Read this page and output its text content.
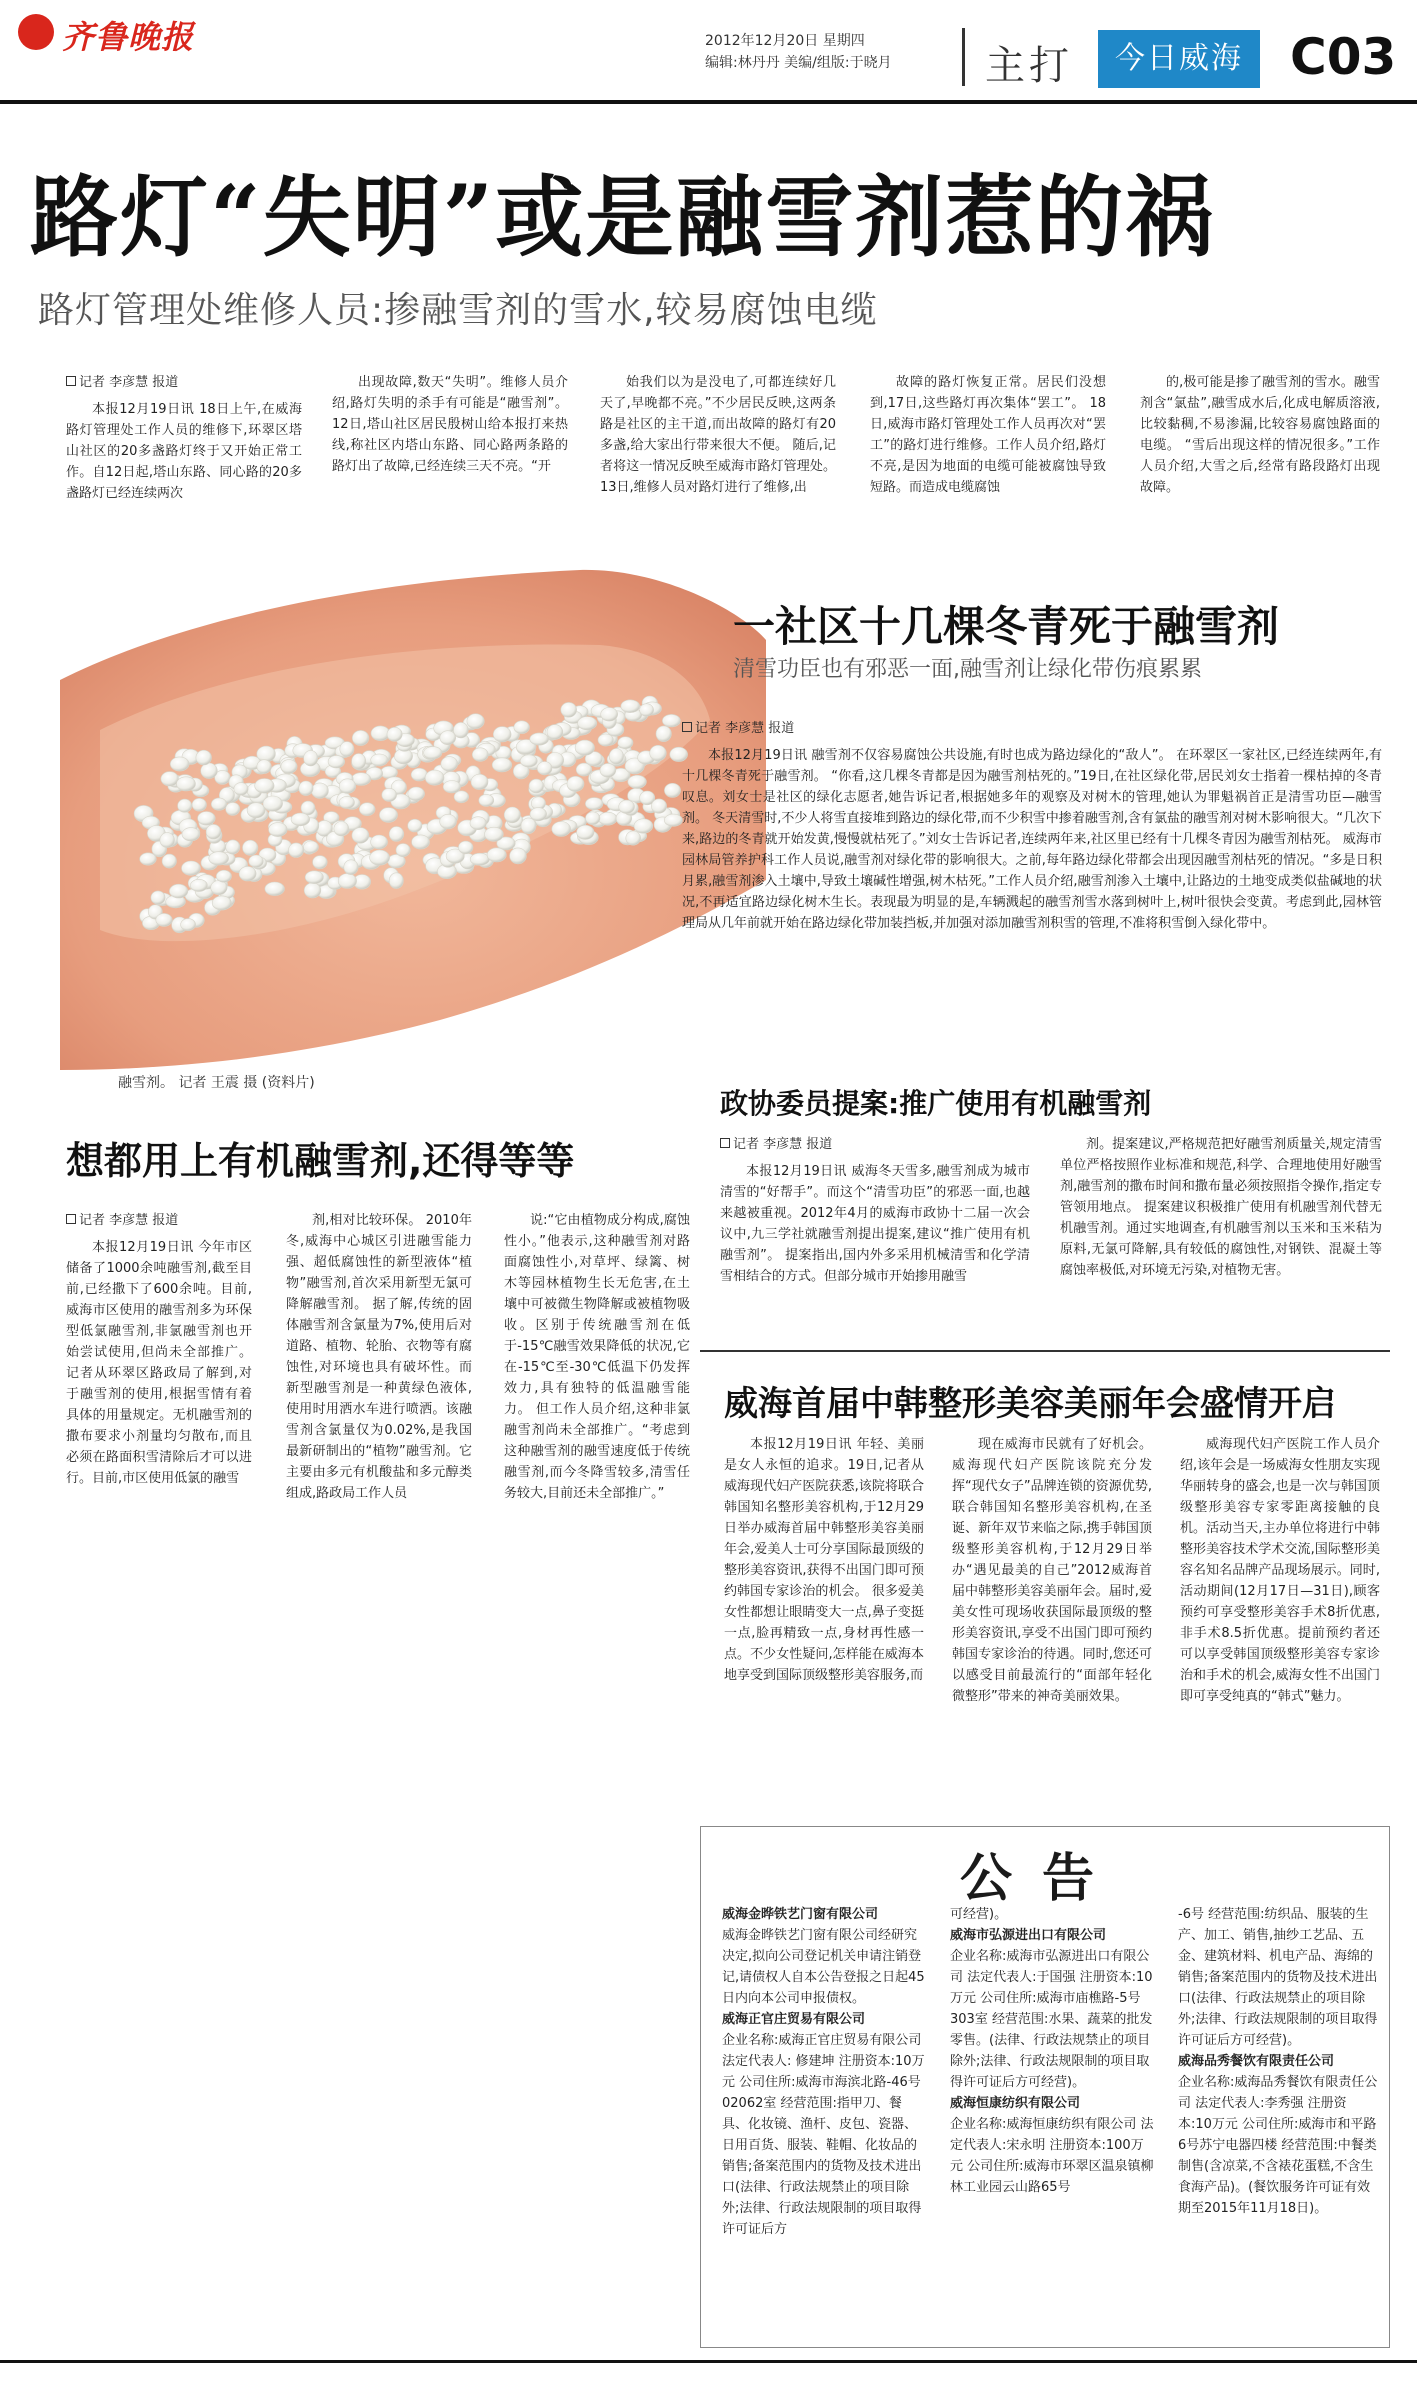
齐鲁晚报	2012年12月20日 星期四
编辑:林丹丹 美编/组版:于晓月	主打	今日威海 C03
路灯“失明”或是融雪剂惹的祸
路灯管理处维修人员:掺融雪剂的雪水,较易腐蚀电缆
记者 李彦慧 报道

本报12月19日讯 18日上午,在威海路灯管理处工作人员的维修下,环翠区塔山社区的20多盏路灯终于又开始正常工作。自12日起,塔山东路、同心路的20多盏路灯已经连续两次

出现故障,数天“失明”。维修人员介绍,路灯失明的杀手有可能是“融雪剂”。 12日,塔山社区居民殷树山给本报打来热线,称社区内塔山东路、同心路两条路的路灯出了故障,已经连续三天不亮。“开

始我们以为是没电了,可都连续好几天了,早晚都不亮。”不少居民反映,这两条路是社区的主干道,而出故障的路灯有20多盏,给大家出行带来很大不便。 随后,记者将这一情况反映至威海市路灯管理处。13日,维修人员对路灯进行了维修,出

故障的路灯恢复正常。居民们没想到,17日,这些路灯再次集体“罢工”。 18日,威海市路灯管理处工作人员再次对“罢工”的路灯进行维修。工作人员介绍,路灯不亮,是因为地面的电缆可能被腐蚀导致短路。而造成电缆腐蚀

的,极可能是掺了融雪剂的雪水。融雪剂含“氯盐”,融雪成水后,化成电解质溶液,比较黏稠,不易渗漏,比较容易腐蚀路面的电缆。 “雪后出现这样的情况很多。”工作人员介绍,大雪之后,经常有路段路灯出现故障。

融雪剂。 记者 王震 摄 (资料片)
一社区十几棵冬青死于融雪剂
清雪功臣也有邪恶一面,融雪剂让绿化带伤痕累累
记者 李彦慧 报道

本报12月19日讯 融雪剂不仅容易腐蚀公共设施,有时也成为路边绿化的“敌人”。 在环翠区一家社区,已经连续两年,有十几棵冬青死于融雪剂。 “你看,这几棵冬青都是因为融雪剂枯死的。”19日,在社区绿化带,居民刘女士指着一棵枯掉的冬青叹息。刘女士是社区的绿化志愿者,她告诉记者,根据她多年的观察及对树木的管理,她认为罪魁祸首正是清雪功臣—融雪剂。 冬天清雪时,不少人将雪直接堆到路边的绿化带,而不少积雪中掺着融雪剂,含有氯盐的融雪剂对树木影响很大。“几次下来,路边的冬青就开始发黄,慢慢就枯死了。”刘女士告诉记者,连续两年来,社区里已经有十几棵冬青因为融雪剂枯死。 威海市园林局管养护科工作人员说,融雪剂对绿化带的影响很大。之前,每年路边绿化带都会出现因融雪剂枯死的情况。“多是日积月累,融雪剂渗入土壤中,导致土壤碱性增强,树木枯死。”工作人员介绍,融雪剂渗入土壤中,让路边的土地变成类似盐碱地的状况,不再适宜路边绿化树木生长。表现最为明显的是,车辆溅起的融雪剂雪水落到树叶上,树叶很快会变黄。考虑到此,园林管理局从几年前就开始在路边绿化带加装挡板,并加强对添加融雪剂积雪的管理,不准将积雪倒入绿化带中。

政协委员提案:推广使用有机融雪剂
记者 李彦慧 报道

本报12月19日讯 威海冬天雪多,融雪剂成为城市清雪的“好帮手”。而这个“清雪功臣”的邪恶一面,也越来越被重视。2012年4月的威海市政协十二届一次会议中,九三学社就融雪剂提出提案,建议“推广使用有机融雪剂”。 提案指出,国内外多采用机械清雪和化学清雪相结合的方式。但部分城市开始掺用融雪

剂。提案建议,严格规范把好融雪剂质量关,规定清雪单位严格按照作业标准和规范,科学、合理地使用好融雪剂,融雪剂的撒布时间和撒布量必须按照指令操作,指定专管领用地点。 提案建议积极推广使用有机融雪剂代替无机融雪剂。通过实地调查,有机融雪剂以玉米和玉米秸为原料,无氯可降解,具有较低的腐蚀性,对钢铁、混凝土等腐蚀率极低,对环境无污染,对植物无害。

想都用上有机融雪剂,还得等等
记者 李彦慧 报道

本报12月19日讯 今年市区储备了1000余吨融雪剂,截至目前,已经撒下了600余吨。目前,威海市区使用的融雪剂多为环保型低氯融雪剂,非氯融雪剂也开始尝试使用,但尚未全部推广。 记者从环翠区路政局了解到,对于融雪剂的使用,根据雪情有着具体的用量规定。无机融雪剂的撒布要求小剂量均匀散布,而且必须在路面积雪清除后才可以进行。目前,市区使用低氯的融雪

剂,相对比较环保。 2010年冬,威海中心城区引进融雪能力强、超低腐蚀性的新型液体“植物”融雪剂,首次采用新型无氯可降解融雪剂。 据了解,传统的固体融雪剂含氯量为7%,使用后对道路、植物、轮胎、衣物等有腐蚀性,对环境也具有破坏性。而新型融雪剂是一种黄绿色液体,使用时用洒水车进行喷洒。该融雪剂含氯量仅为0.02%,是我国最新研制出的“植物”融雪剂。它主要由多元有机酸盐和多元醇类组成,路政局工作人员

说:“它由植物成分构成,腐蚀性小。”他表示,这种融雪剂对路面腐蚀性小,对草坪、绿篱、树木等园林植物生长无危害,在土壤中可被微生物降解或被植物吸收。区别于传统融雪剂在低于-15℃融雪效果降低的状况,它在-15℃至-30℃低温下仍发挥效力,具有独特的低温融雪能力。 但工作人员介绍,这种非氯融雪剂尚未全部推广。“考虑到这种融雪剂的融雪速度低于传统融雪剂,而今冬降雪较多,清雪任务较大,目前还未全部推广。”

威海首届中韩整形美容美丽年会盛情开启

本报12月19日讯 年轻、美丽是女人永恒的追求。19日,记者从威海现代妇产医院获悉,该院将联合韩国知名整形美容机构,于12月29日举办威海首届中韩整形美容美丽年会,爱美人士可分享国际最顶级的整形美容资讯,获得不出国门即可预约韩国专家诊治的机会。 很多爱美女性都想让眼睛变大一点,鼻子变挺一点,脸再精致一点,身材再性感一点。不少女性疑问,怎样能在威海本地享受到国际顶级整形美容服务,而

现在威海市民就有了好机会。威海现代妇产医院该院充分发挥“现代女子”品牌连锁的资源优势,联合韩国知名整形美容机构,在圣诞、新年双节来临之际,携手韩国顶级整形美容机构,于12月29日举办“遇见最美的自己”2012威海首届中韩整形美容美丽年会。届时,爱美女性可现场收获国际最顶级的整形美容资讯,享受不出国门即可预约韩国专家诊治的待遇。同时,您还可以感受目前最流行的“面部年轻化微整形”带来的神奇美丽效果。

威海现代妇产医院工作人员介绍,该年会是一场威海女性朋友实现华丽转身的盛会,也是一次与韩国顶级整形美容专家零距离接触的良机。活动当天,主办单位将进行中韩整形美容技术学术交流,国际整形美容名知名品牌产品现场展示。同时,活动期间(12月17日—31日),顾客预约可享受整形美容手术8折优惠,非手术8.5折优惠。提前预约者还可以享受韩国顶级整形美容专家诊治和手术的机会,威海女性不出国门即可享受纯真的“韩式”魅力。

公告
威海金晔铁艺门窗有限公司
威海金晔铁艺门窗有限公司经研究决定,拟向公司登记机关申请注销登记,请债权人自本公告登报之日起45日内向本公司申报债权。
威海正官庄贸易有限公司
企业名称:威海正官庄贸易有限公司 法定代表人: 修建坤 注册资本:10万元 公司住所:威海市海滨北路-46号02062室 经营范围:指甲刀、餐具、化妆镜、渔杆、皮包、瓷器、日用百货、服装、鞋帽、化妆品的销售;备案范围内的货物及技术进出口(法律、行政法规禁止的项目除外;法律、行政法规限制的项目取得许可证后方
可经营)。
威海市弘源进出口有限公司
企业名称:威海市弘源进出口有限公司 法定代表人:于国强 注册资本:10万元 公司住所:威海市庙樵路-5号303室 经营范围:水果、蔬菜的批发零售。(法律、行政法规禁止的项目除外;法律、行政法规限制的项目取得许可证后方可经营)。
威海恒康纺织有限公司
企业名称:威海恒康纺织有限公司 法定代表人:宋永明 注册资本:100万元 公司住所:威海市环翠区温泉镇柳林工业园云山路65号
-6号 经营范围:纺织品、服装的生产、加工、销售,抽纱工艺品、五金、建筑材料、机电产品、海绵的销售;备案范围内的货物及技术进出口(法律、行政法规禁止的项目除外;法律、行政法规限制的项目取得许可证后方可经营)。
威海品秀餐饮有限责任公司
企业名称:威海品秀餐饮有限责任公司 法定代表人:李秀强 注册资本:10万元 公司住所:威海市和平路6号苏宁电器四楼 经营范围:中餐类制售(含凉菜,不含裱花蛋糕,不含生食海产品)。(餐饮服务许可证有效期至2015年11月18日)。
